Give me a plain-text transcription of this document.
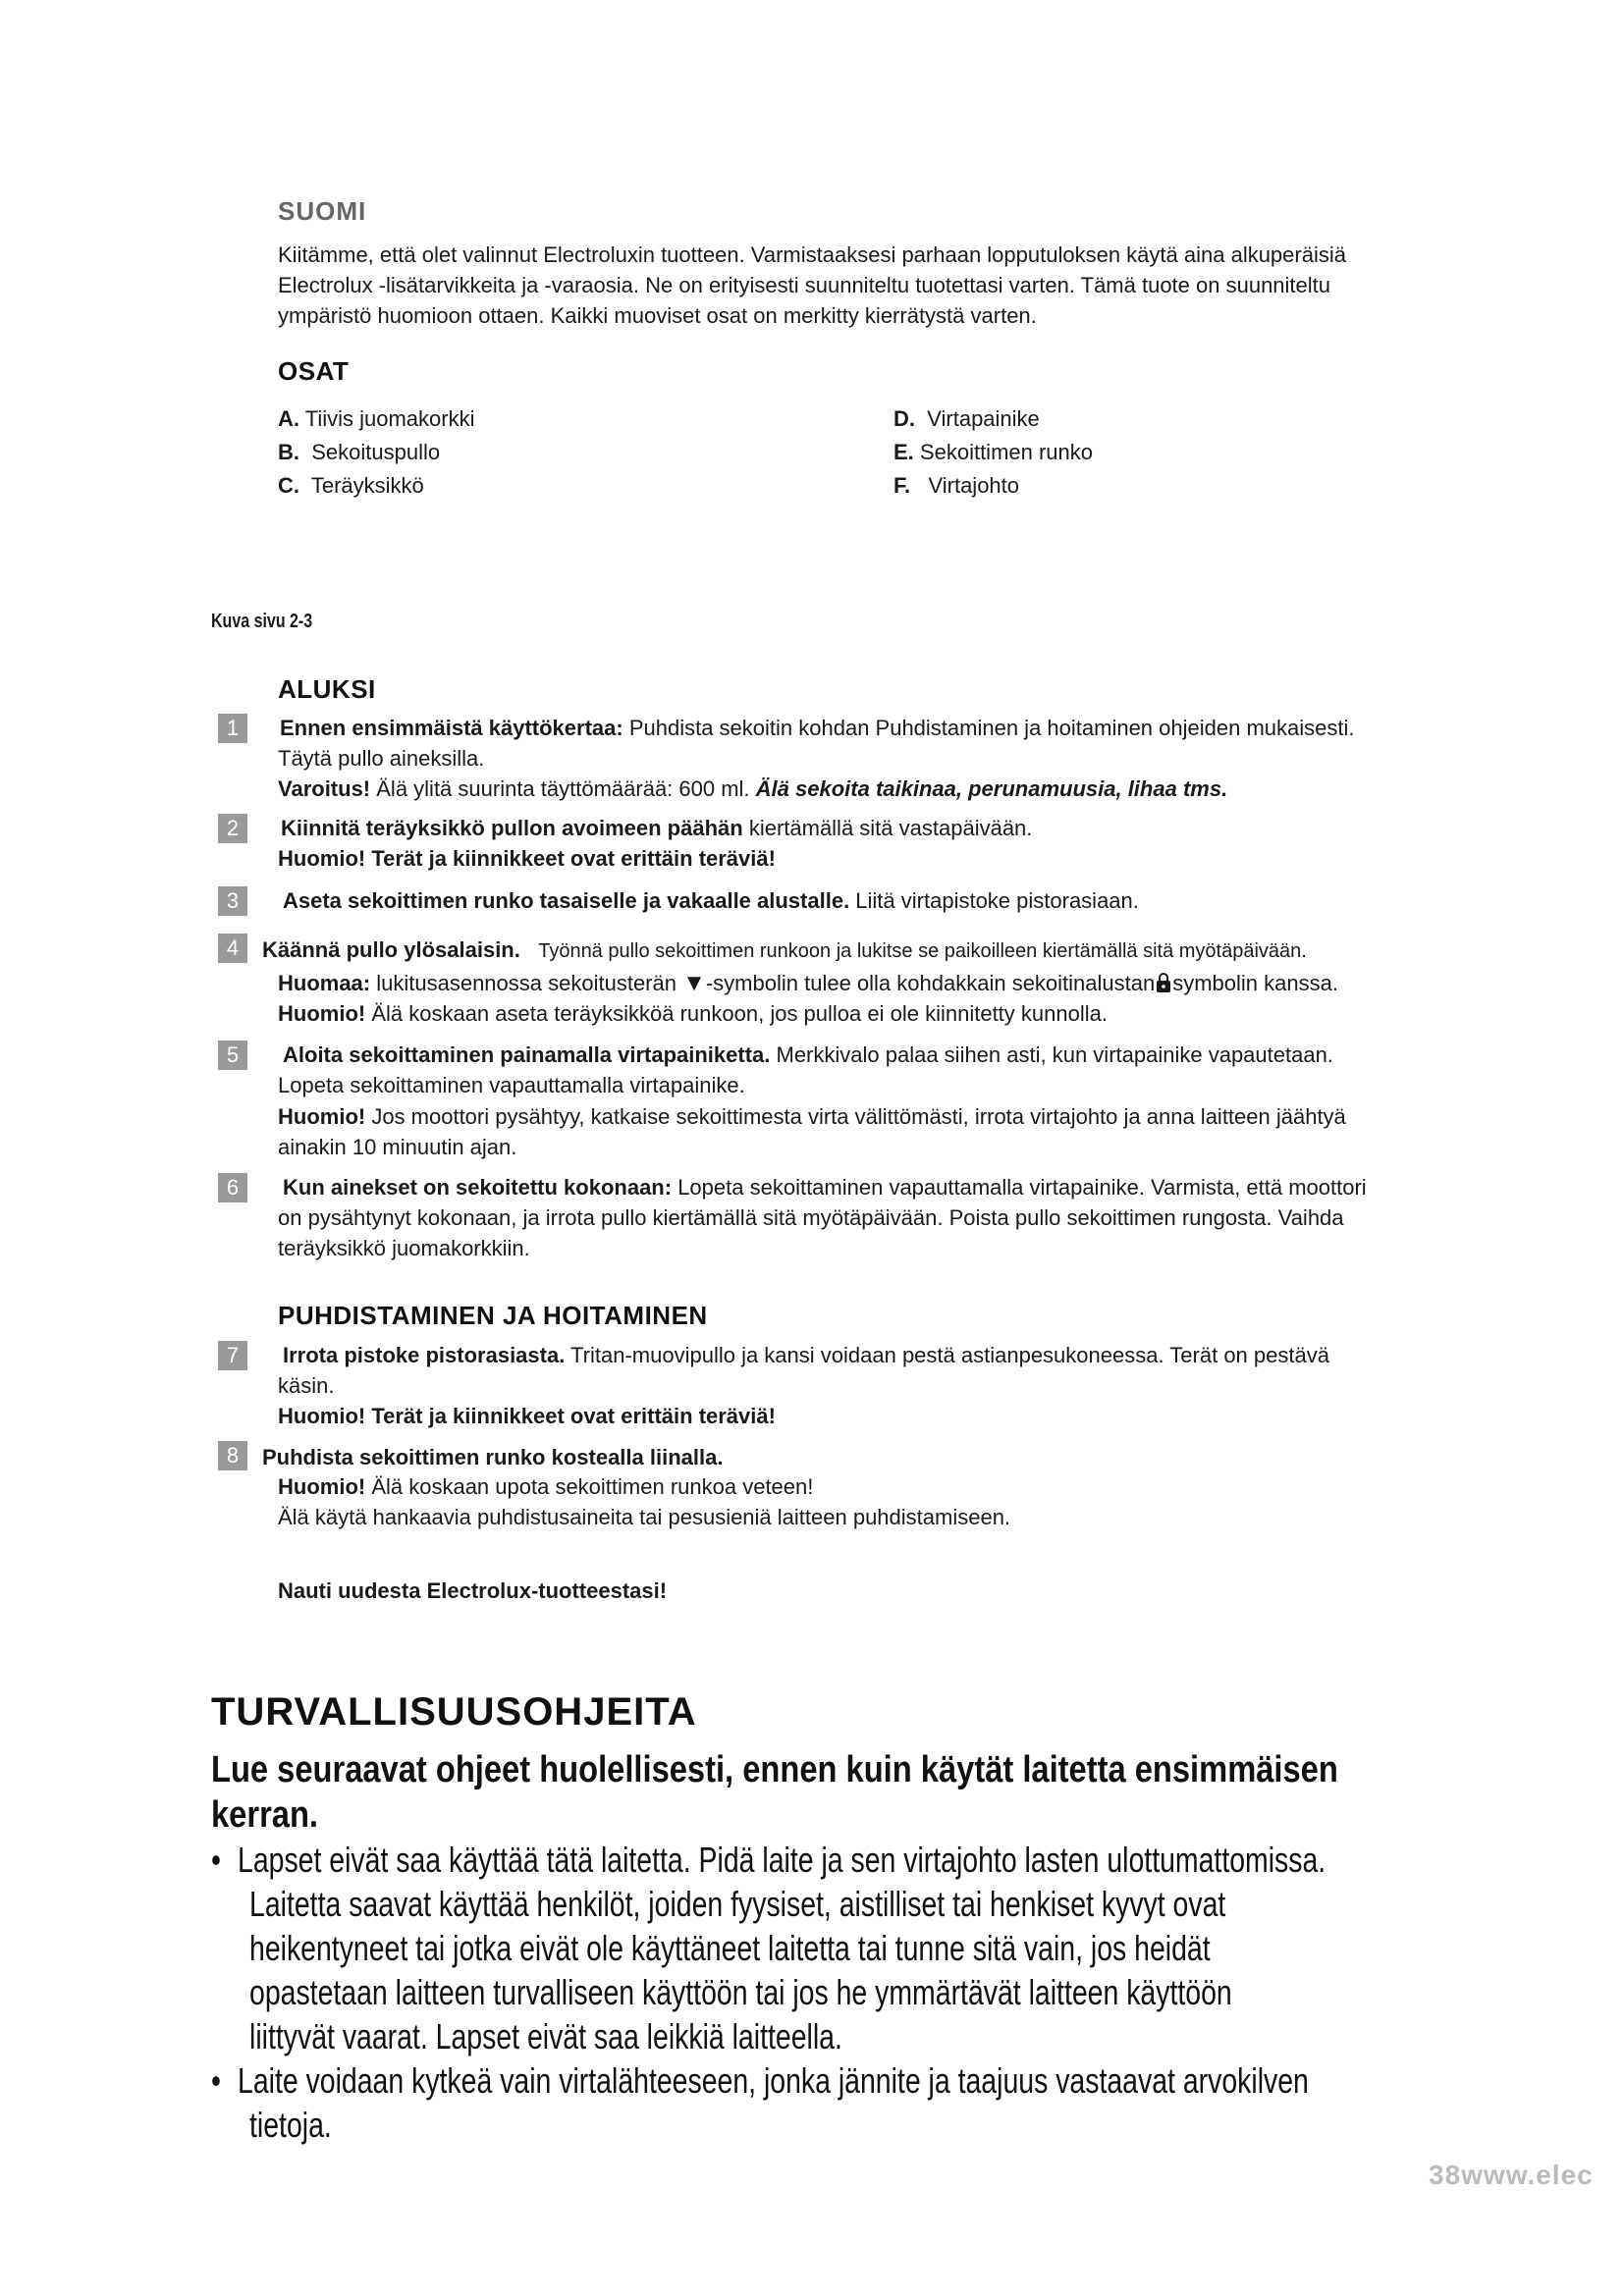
SUOMI
Kiitämme, että olet valinnut Electroluxin tuotteen. Varmistaaksesi parhaan lopputuloksen käytä aina alkuperäisiä
Electrolux -lisätarvikkeita ja -varaosia. Ne on erityisesti suunniteltu tuotettasi varten. Tämä tuote on suunniteltu
ympäristö huomioon ottaen. Kaikki muoviset osat on merkitty kierrätystä varten.
OSAT
A. Tiivis juomakorkki
B. Sekoituspullo
C. Teräyksikkö
D. Virtapainike
E. Sekoittimen runko
F. Virtajohto
Kuva sivu 2-3
ALUKSI
1	Ennen ensimmäistä käyttökertaa: Puhdista sekoitin kohdan Puhdistaminen ja hoitaminen ohjeiden mukaisesti.
Täytä pullo aineksilla.
Varoitus! Älä ylitä suurinta täyttömäärää: 600 ml. Älä sekoita taikinaa, perunamuusia, lihaa tms.
2	Kiinnitä teräyksikkö pullon avoimeen päähän kiertämällä sitä vastapäivään.
Huomio! Terät ja kiinnikkeet ovat erittäin teräviä!
3	Aseta sekoittimen runko tasaiselle ja vakaalle alustalle. Liitä virtapistoke pistorasiaan.
4	Käännä pullo ylösalaisin. Työnnä pullo sekoittimen runkoon ja lukitse se paikoilleen kiertämällä sitä myötäpäivään.
Huomaa: lukitusasennossa sekoitusterän ▼-symbolin tulee olla kohdakkain sekoitinalustan symbolin kanssa.
Huomio! Älä koskaan aseta teräyksikköä runkoon, jos pulloa ei ole kiinnitetty kunnolla.
5	Aloita sekoittaminen painamalla virtapainiketta. Merkkivalo palaa siihen asti, kun virtapainike vapautetaan.
Lopeta sekoittaminen vapauttamalla virtapainike.
Huomio! Jos moottori pysähtyy, katkaise sekoittimesta virta välittömästi, irrota virtajohto ja anna laitteen jäähtyä
ainakin 10 minuutin ajan.
6	Kun ainekset on sekoitettu kokonaan: Lopeta sekoittaminen vapauttamalla virtapainike. Varmista, että moottori
on pysähtynyt kokonaan, ja irrota pullo kiertämällä sitä myötäpäivään. Poista pullo sekoittimen rungosta. Vaihda
teräyksikkö juomakorkkiin.
PUHDISTAMINEN JA HOITAMINEN
7	Irrota pistoke pistorasiasta. Tritan-muovipullo ja kansi voidaan pestä astianpesukoneessa. Terät on pestävä
käsin.
Huomio! Terät ja kiinnikkeet ovat erittäin teräviä!
8	Puhdista sekoittimen runko kostealla liinalla.
Huomio! Älä koskaan upota sekoittimen runkoa veteen!
Älä käytä hankaavia puhdistusaineita tai pesusieniä laitteen puhdistamiseen.
Nauti uudesta Electrolux-tuotteestasi!
TURVALLISUUSOHJEITA
Lue seuraavat ohjeet huolellisesti, ennen kuin käytät laitetta ensimmäisen
kerran.
• Lapset eivät saa käyttää tätä laitetta. Pidä laite ja sen virtajohto lasten ulottumattomissa.
Laitetta saavat käyttää henkilöt, joiden fyysiset, aistilliset tai henkiset kyvyt ovat
heikentyneet tai jotka eivät ole käyttäneet laitetta tai tunne sitä vain, jos heidät
opastetaan laitteen turvalliseen käyttöön tai jos he ymmärtävät laitteen käyttöön
liittyvät vaarat. Lapset eivät saa leikkiä laitteella.
• Laite voidaan kytkeä vain virtalähteeseen, jonka jännite ja taajuus vastaavat arvokilven
tietoja.
38www.elec
